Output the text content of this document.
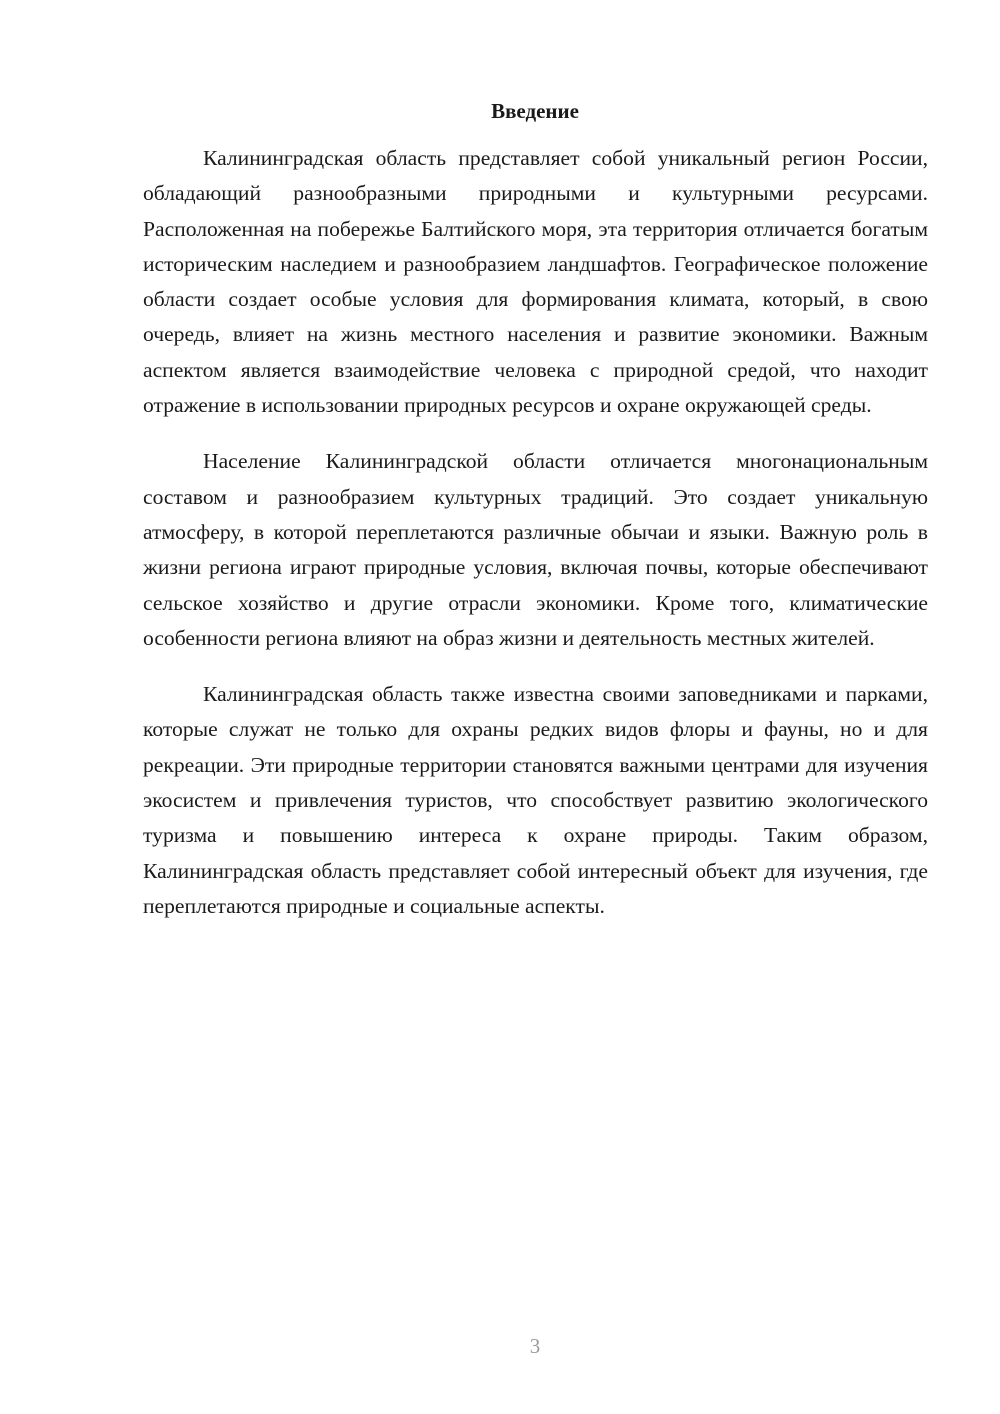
Введение

Калининградская область представляет собой уникальный регион России, обладающий разнообразными природными и культурными ресурсами. Расположенная на побережье Балтийского моря, эта территория отличается богатым историческим наследием и разнообразием ландшафтов. Географическое положение области создает особые условия для формирования климата, который, в свою очередь, влияет на жизнь местного населения и развитие экономики. Важным аспектом является взаимодействие человека с природной средой, что находит отражение в использовании природных ресурсов и охране окружающей среды.

Население Калининградской области отличается многонациональным составом и разнообразием культурных традиций. Это создает уникальную атмосферу, в которой переплетаются различные обычаи и языки. Важную роль в жизни региона играют природные условия, включая почвы, которые обеспечивают сельское хозяйство и другие отрасли экономики. Кроме того, климатические особенности региона влияют на образ жизни и деятельность местных жителей.

Калининградская область также известна своими заповедниками и парками, которые служат не только для охраны редких видов флоры и фауны, но и для рекреации. Эти природные территории становятся важными центрами для изучения экосистем и привлечения туристов, что способствует развитию экологического туризма и повышению интереса к охране природы. Таким образом, Калининградская область представляет собой интересный объект для изучения, где переплетаются природные и социальные аспекты.

3
